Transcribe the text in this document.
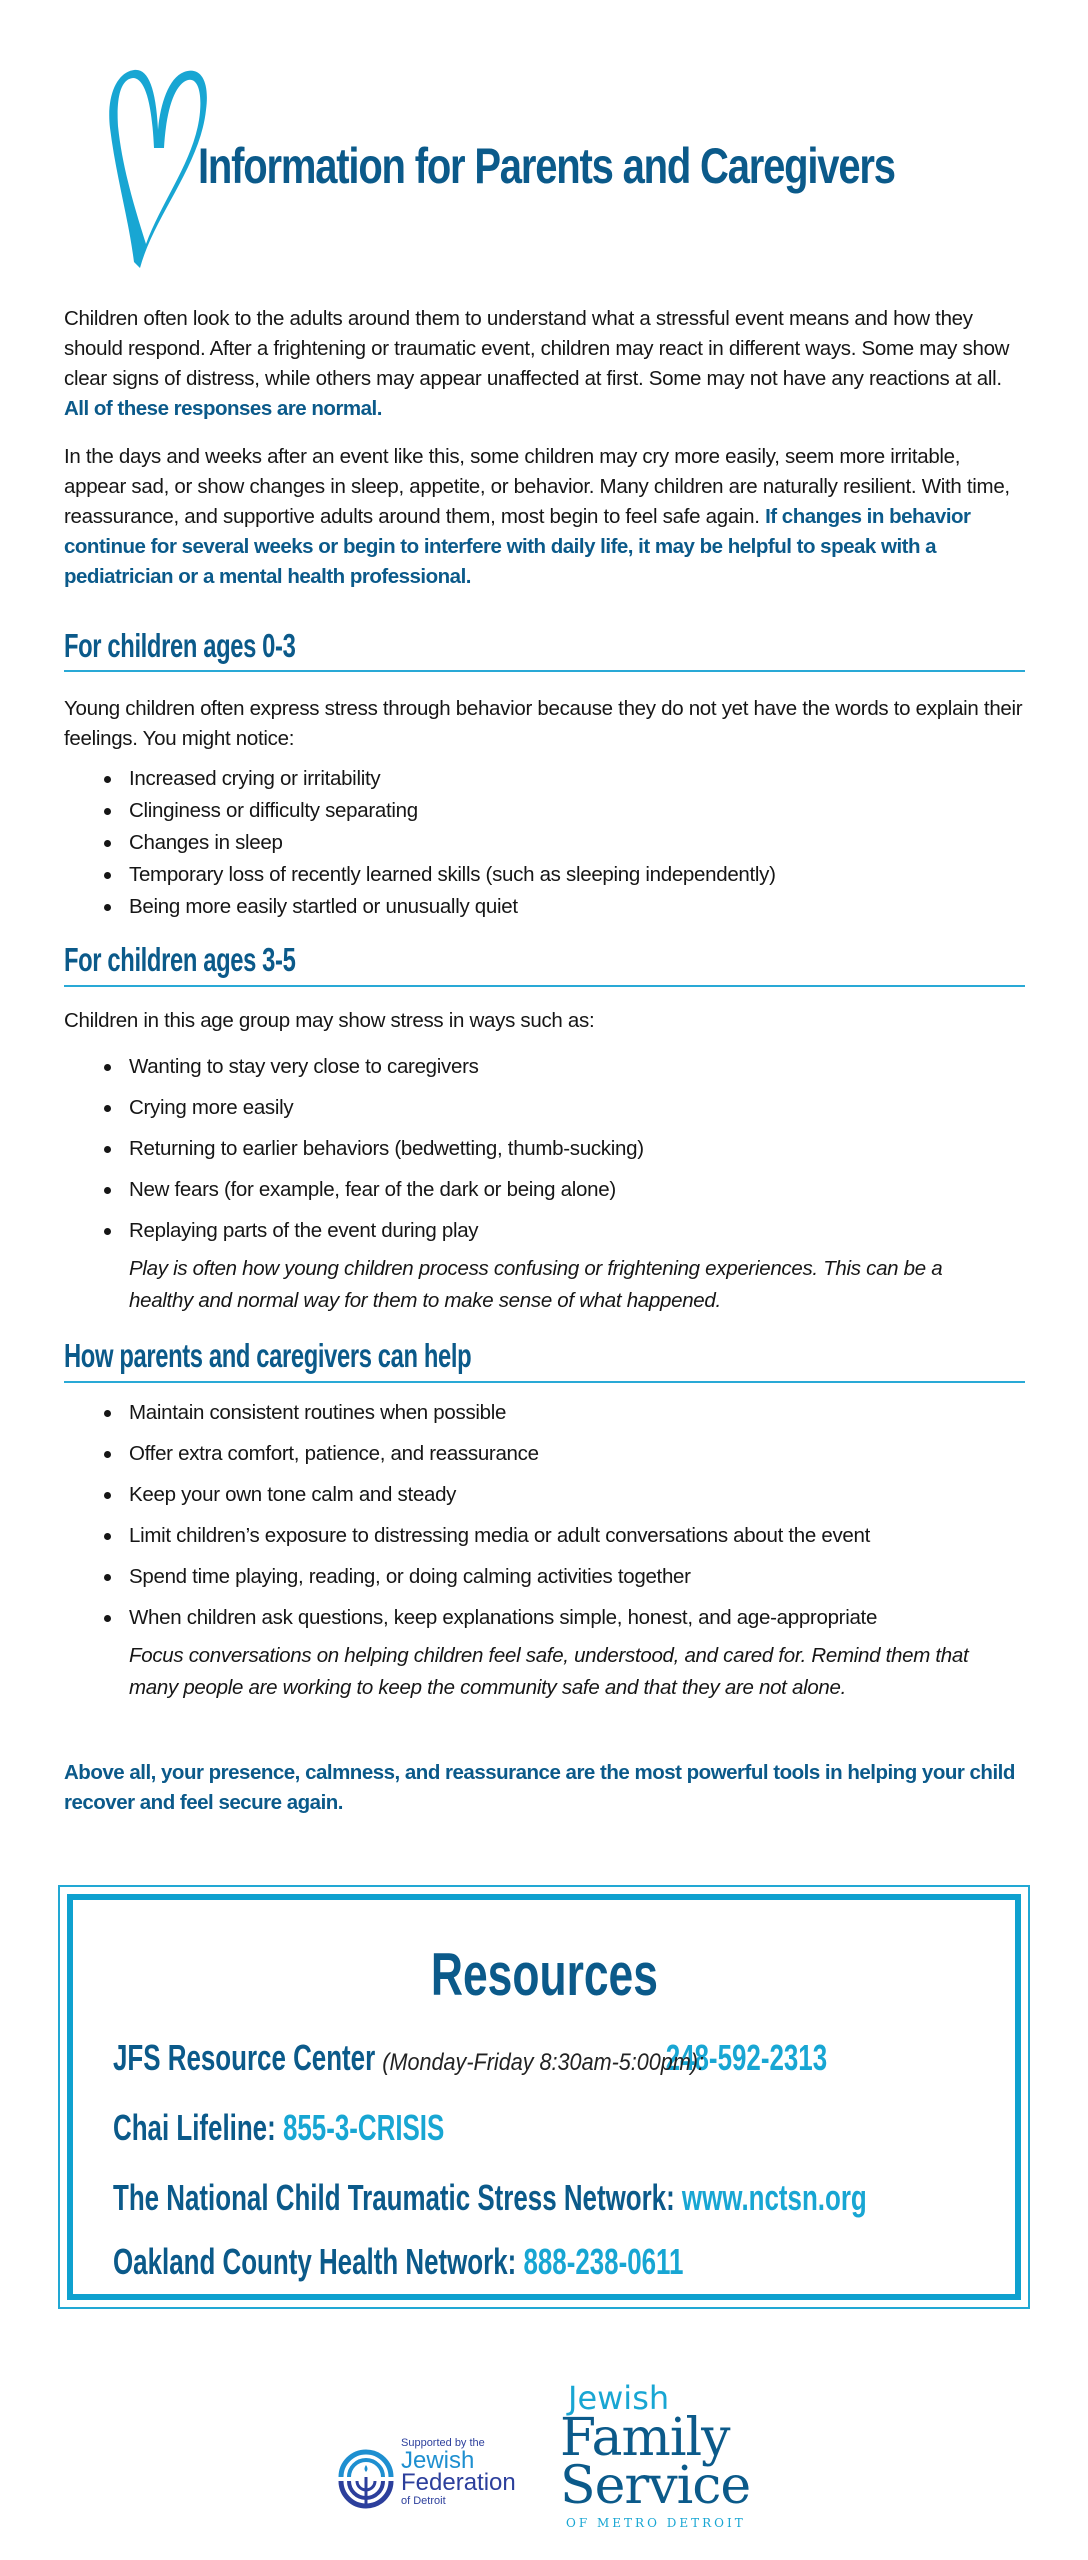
Information for Parents and Caregivers

Children often look to the adults around them to understand what a stressful event means and how they should respond. After a frightening or traumatic event, children may react in different ways. Some may show clear signs of distress, while others may appear unaffected at first. Some may not have any reactions at all. All of these responses are normal.

In the days and weeks after an event like this, some children may cry more easily, seem more irritable, appear sad, or show changes in sleep, appetite, or behavior. Many children are naturally resilient. With time, reassurance, and supportive adults around them, most begin to feel safe again. If changes in behavior continue for several weeks or begin to interfere with daily life, it may be helpful to speak with a pediatrician or a mental health professional.

For children ages 0-3

Young children often express stress through behavior because they do not yet have the words to explain their feelings. You might notice:

Increased crying or irritability
Clinginess or difficulty separating
Changes in sleep
Temporary loss of recently learned skills (such as sleeping independently)
Being more easily startled or unusually quiet
For children ages 3-5

Children in this age group may show stress in ways such as:

Wanting to stay very close to caregivers
Crying more easily
Returning to earlier behaviors (bedwetting, thumb-sucking)
New fears (for example, fear of the dark or being alone)
Replaying parts of the event during play

Play is often how young children process confusing or frightening experiences. This can be a healthy and normal way for them to make sense of what happened.

How parents and caregivers can help
Maintain consistent routines when possible
Offer extra comfort, patience, and reassurance
Keep your own tone calm and steady
Limit children’s exposure to distressing media or adult conversations about the event
Spend time playing, reading, or doing calming activities together
When children ask questions, keep explanations simple, honest, and age-appropriate

Focus conversations on helping children feel safe, understood, and cared for. Remind them that many people are working to keep the community safe and that they are not alone.

Above all, your presence, calmness, and reassurance are the most powerful tools in helping your child recover and feel secure again.

Resources
JFS Resource Center (Monday-Friday 8:30am-5:00pm):248-592-2313
Chai Lifeline: 855-3-CRISIS
The National Child Traumatic Stress Network: www.nctsn.org
Oakland County Health Network: 888-238-0611
Supported by the
Jewish
Federation
of Detroit
Jewish
Family
Service
OF METRO DETROIT
